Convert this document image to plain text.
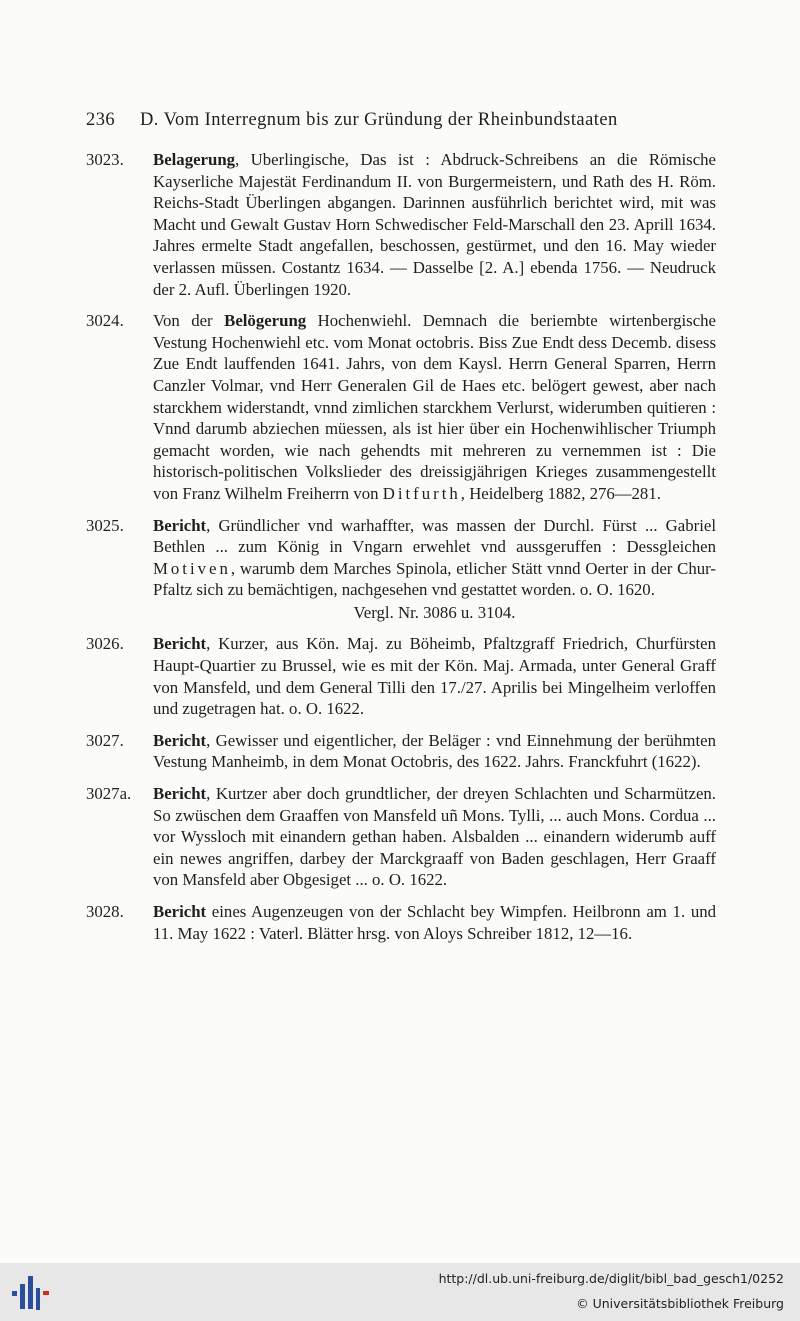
236 D. Vom Interregnum bis zur Gründung der Rheinbundstaaten
3023. Belagerung, Uberlingische, Das ist : Abdruck-Schreibens an die Römische Kayserliche Majestät Ferdinandum II. von Burgermeistern, und Rath des H. Röm. Reichs-Stadt Überlingen abgangen. Darinnen ausführlich berichtet wird, mit was Macht und Gewalt Gustav Horn Schwedischer Feld-Marschall den 23. Aprill 1634. Jahres ermelte Stadt angefallen, beschossen, gestürmet, und den 16. May wieder verlassen müssen. Costantz 1634. — Dasselbe [2. A.] ebenda 1756. — Neudruck der 2. Aufl. Überlingen 1920.
3024. Von der Belögerung Hochenwiehl. Demnach die beriembte wirtenbergische Vestung Hochenwiehl etc. vom Monat octobris. Biss Zue Endt dess Decemb. disess Zue Endt lauffenden 1641. Jahrs, von dem Kaysl. Herrn General Sparren, Herrn Canzler Volmar, vnd Herr Generalen Gil de Haes etc. belögert gewest, aber nach starckhem widerstandt, vnnd zimlichen starckhem Verlurst, widerumben quitieren : Vnnd darumb abziechen müessen, als ist hier über ein Hochenwihlischer Triumph gemacht worden, wie nach gehendts mit mehreren zu vernemmen ist : Die historisch-politischen Volkslieder des dreissigjährigen Krieges zusammengestellt von Franz Wilhelm Freiherrn von Ditfurth, Heidelberg 1882, 276—281.
3025. Bericht, Gründlicher vnd warhaffter, was massen der Durchl. Fürst ... Gabriel Bethlen ... zum König in Vngarn erwehlet vnd aussgeruffen : Dessgleichen Motiven, warumb dem Marches Spinola, etlicher Stätt vnnd Oerter in der Chur-Pfaltz sich zu bemächtigen, nachgesehen vnd gestattet worden. o. O. 1620.
Vergl. Nr. 3086 u. 3104.
3026. Bericht, Kurzer, aus Kön. Maj. zu Böheimb, Pfaltzgraff Friedrich, Churfürsten Haupt-Quartier zu Brussel, wie es mit der Kön. Maj. Armada, unter General Graff von Mansfeld, und dem General Tilli den 17./27. Aprilis bei Mingelheim verloffen und zugetragen hat. o. O. 1622.
3027. Bericht, Gewisser und eigentlicher, der Beläger : vnd Einnehmung der berühmten Vestung Manheimb, in dem Monat Octobris, des 1622. Jahrs. Franckfuhrt (1622).
3027a. Bericht, Kurtzer aber doch grundtlicher, der dreyen Schlachten und Scharmützen. So zwüschen dem Graaffen von Mansfeld uñ Mons. Tylli, ... auch Mons. Cordua ... vor Wyssloch mit einandern gethan haben. Alsbalden ... einandern widerumb auff ein newes angriffen, darbey der Marckgraaff von Baden geschlagen, Herr Graaff von Mansfeld aber Obgesiget ... o. O. 1622.
3028. Bericht eines Augenzeugen von der Schlacht bey Wimpfen. Heilbronn am 1. und 11. May 1622 : Vaterl. Blätter hrsg. von Aloys Schreiber 1812, 12—16.
http://dl.ub.uni-freiburg.de/diglit/bibl_bad_gesch1/0252
© Universitätsbibliothek Freiburg
